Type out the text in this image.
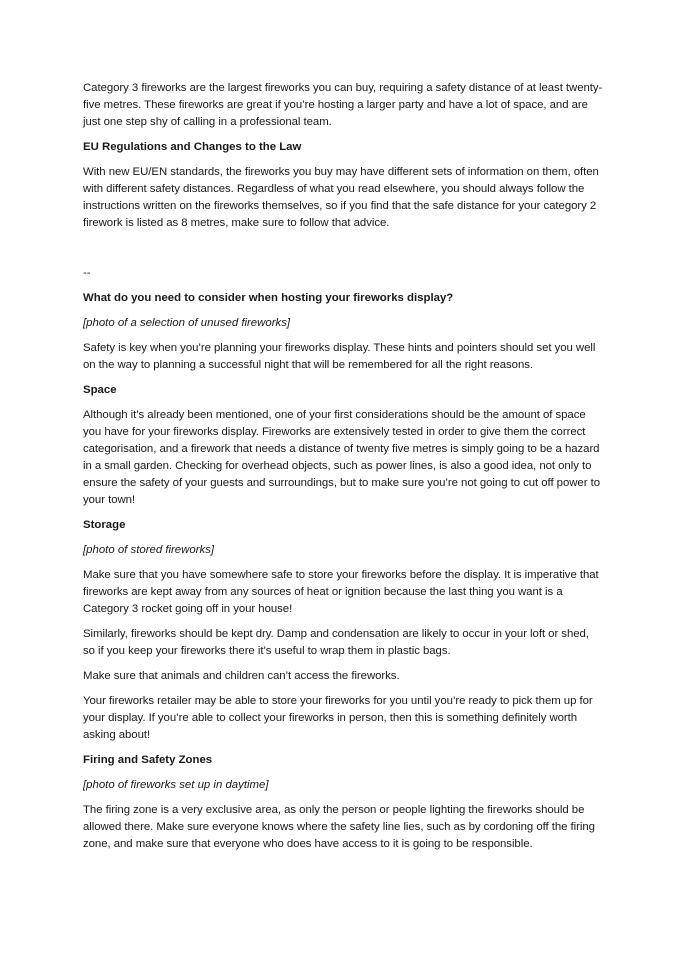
Category 3 fireworks are the largest fireworks you can buy, requiring a safety distance of at least twenty-five metres. These fireworks are great if you’re hosting a larger party and have a lot of space, and are just one step shy of calling in a professional team.

EU Regulations and Changes to the Law

With new EU/EN standards, the fireworks you buy may have different sets of information on them, often with different safety distances. Regardless of what you read elsewhere, you should always follow the instructions written on the fireworks themselves, so if you find that the safe distance for your category 2 firework is listed as 8 metres, make sure to follow that advice.

--

What do you need to consider when hosting your fireworks display?

[photo of a selection of unused fireworks]

Safety is key when you’re planning your fireworks display. These hints and pointers should set you well on the way to planning a successful night that will be remembered for all the right reasons.

Space

Although it’s already been mentioned, one of your first considerations should be the amount of space you have for your fireworks display. Fireworks are extensively tested in order to give them the correct categorisation, and a firework that needs a distance of twenty five metres is simply going to be a hazard in a small garden. Checking for overhead objects, such as power lines, is also a good idea, not only to ensure the safety of your guests and surroundings, but to make sure you’re not going to cut off power to your town!

Storage

[photo of stored fireworks]

Make sure that you have somewhere safe to store your fireworks before the display. It is imperative that fireworks are kept away from any sources of heat or ignition because the last thing you want is a Category 3 rocket going off in your house!

Similarly, fireworks should be kept dry. Damp and condensation are likely to occur in your loft or shed, so if you keep your fireworks there it’s useful to wrap them in plastic bags.

Make sure that animals and children can’t access the fireworks.

Your fireworks retailer may be able to store your fireworks for you until you’re ready to pick them up for your display. If you’re able to collect your fireworks in person, then this is something definitely worth asking about!

Firing and Safety Zones

[photo of fireworks set up in daytime]

The firing zone is a very exclusive area, as only the person or people lighting the fireworks should be allowed there. Make sure everyone knows where the safety line lies, such as by cordoning off the firing zone, and make sure that everyone who does have access to it is going to be responsible.
